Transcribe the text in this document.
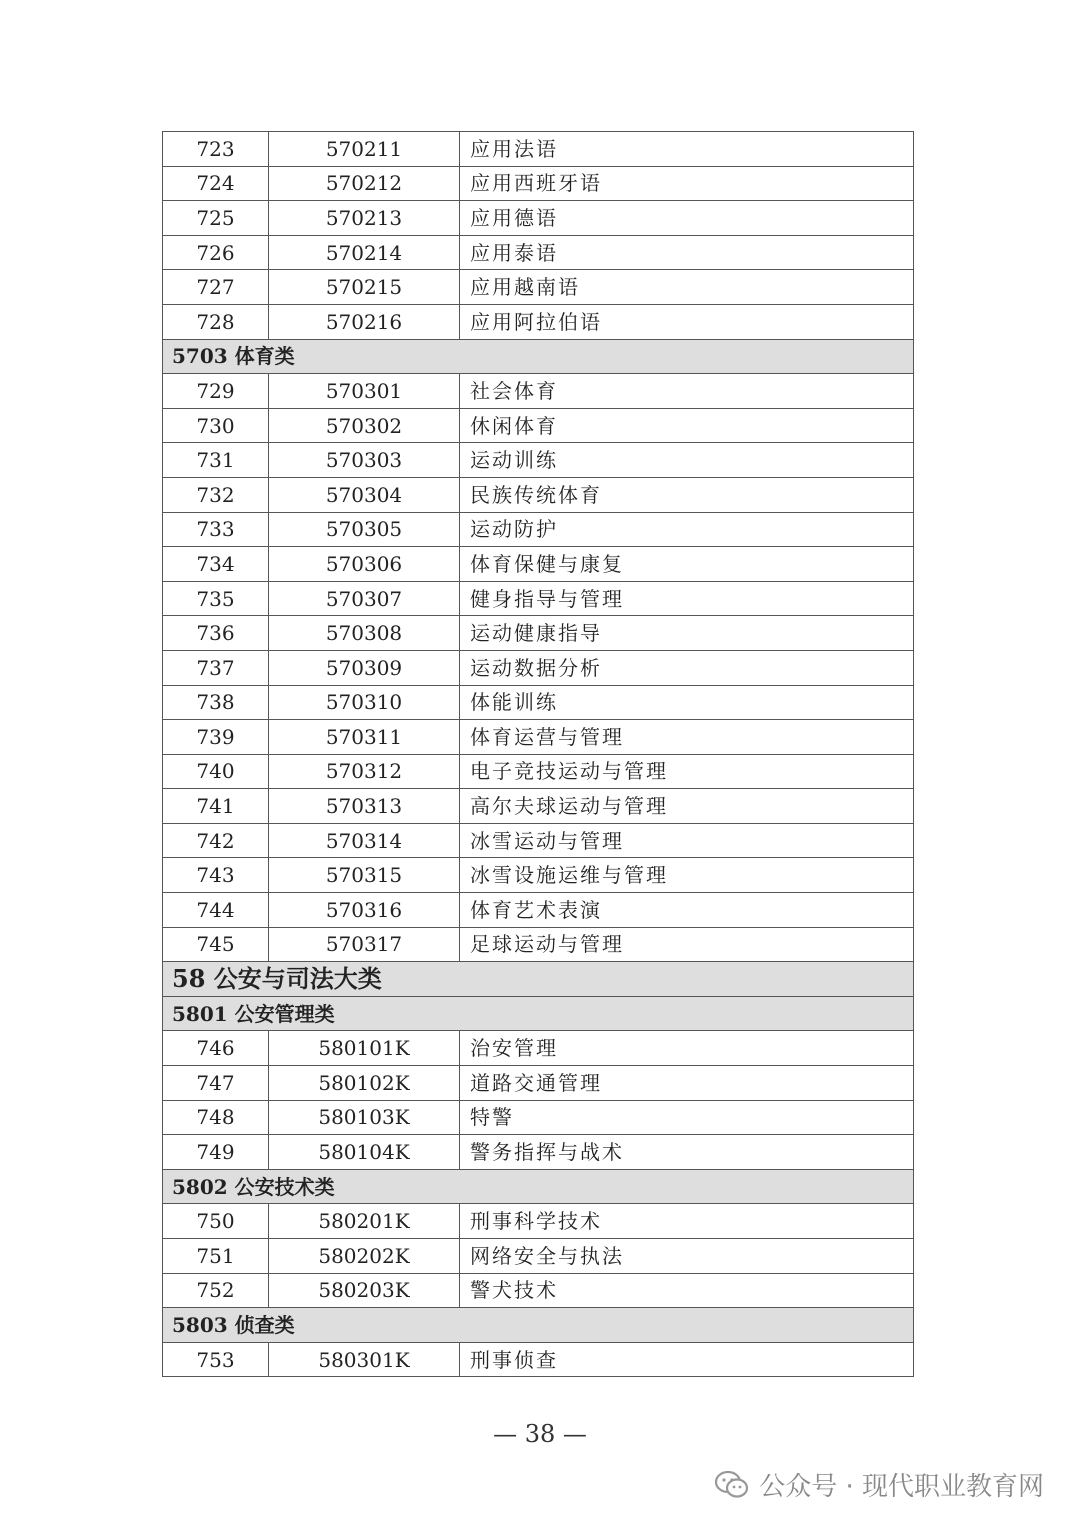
723	570211	应用法语
724	570212	应用西班牙语
725	570213	应用德语
726	570214	应用泰语
727	570215	应用越南语
728	570216	应用阿拉伯语
5703 体育类		
729	570301	社会体育
730	570302	休闲体育
731	570303	运动训练
732	570304	民族传统体育
733	570305	运动防护
734	570306	体育保健与康复
735	570307	健身指导与管理
736	570308	运动健康指导
737	570309	运动数据分析
738	570310	体能训练
739	570311	体育运营与管理
740	570312	电子竞技运动与管理
741	570313	高尔夫球运动与管理
742	570314	冰雪运动与管理
743	570315	冰雪设施运维与管理
744	570316	体育艺术表演
745	570317	足球运动与管理
58 公安与司法大类		
5801 公安管理类		
746	580101K	治安管理
747	580102K	道路交通管理
748	580103K	特警
749	580104K	警务指挥与战术
5802 公安技术类		
750	580201K	刑事科学技术
751	580202K	网络安全与执法
752	580203K	警犬技术
5803 侦查类		
753	580301K	刑事侦查
— 38 —
公众号 · 现代职业教育网
